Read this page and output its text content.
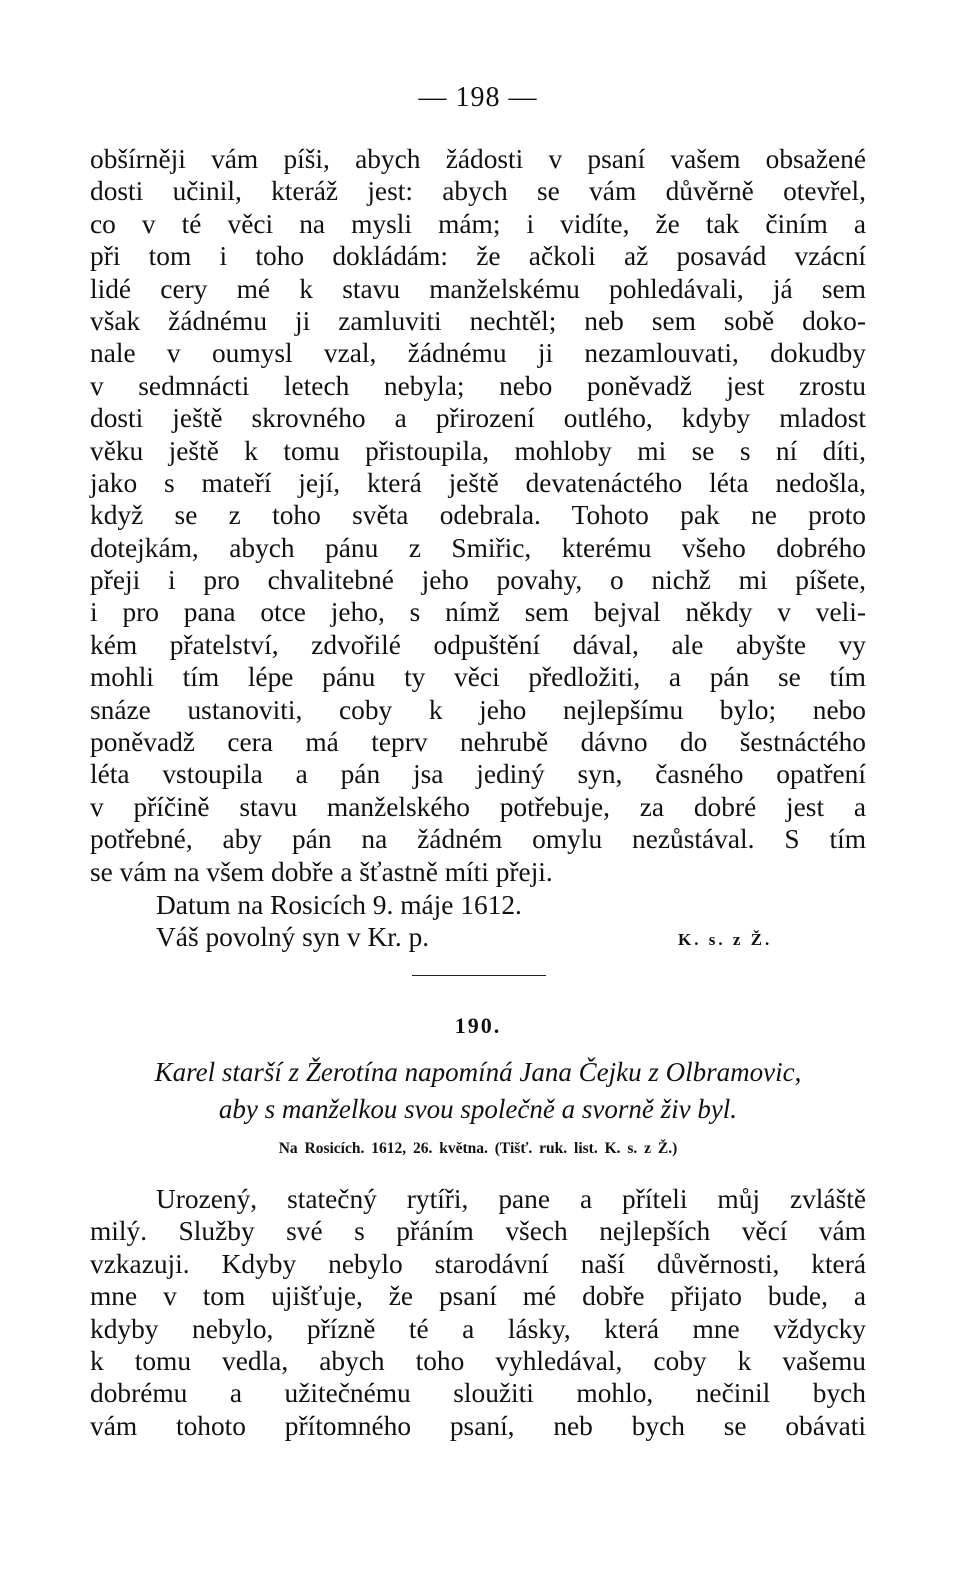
— 198 —
obšírněji vám píši, abych žádosti v psaní vašem obsažené
dosti učinil, kteráž jest: abych se vám důvěrně otevřel,
co v té věci na mysli mám; i vidíte, že tak činím a
při tom i toho dokládám: že ačkoli až posavád vzácní
lidé cery mé k stavu manželskému pohledávali, já sem
však žádnému ji zamluviti nechtěl; neb sem sobě doko-
nale v oumysl vzal, žádnému ji nezamlouvati, dokudby
v sedmnácti letech nebyla; nebo poněvadž jest zrostu
dosti ještě skrovného a přirození outlého, kdyby mladost
věku ještě k tomu přistoupila, mohloby mi se s ní díti,
jako s mateří její, která ještě devatenáctého léta nedošla,
když se z toho světa odebrala. Tohoto pak ne proto
dotejkám, abych pánu z Smiřic, kterému všeho dobrého
přeji i pro chvalitebné jeho povahy, o nichž mi píšete,
i pro pana otce jeho, s nímž sem bejval někdy v veli-
kém přatelství, zdvořilé odpuštění dával, ale abyšte vy
mohli tím lépe pánu ty věci předložiti, a pán se tím
snáze ustanoviti, coby k jeho nejlepšímu bylo; nebo
poněvadž cera má teprv nehrubě dávno do šestnáctého
léta vstoupila a pán jsa jediný syn, časného opatření
v příčině stavu manželského potřebuje, za dobré jest a
potřebné, aby pán na žádném omylu nezůstával. S tím
se vám na všem dobře a šťastně míti přeji.
Datum na Rosicích 9. máje 1612.
Váš povolný syn v Kr. p.	K. s. z Ž.
190.
Karel starší z Žerotína napomíná Jana Čejku z Olbramovic,
aby s manželkou svou společně a svorně živ byl.
Na Rosicích. 1612, 26. května. (Tišť. ruk. list. K. s. z Ž.)
Urozený, statečný rytíři, pane a příteli můj zvláště
milý. Služby své s přáním všech nejlepších věcí vám
vzkazuji. Kdyby nebylo starodávní naší důvěrnosti, která
mne v tom ujišťuje, že psaní mé dobře přijato bude, a
kdyby nebylo, přízně té a lásky, která mne vždycky
k tomu vedla, abych toho vyhledával, coby k vašemu
dobrému a užitečnému sloužiti mohlo, nečinil bych
vám tohoto přítomného psaní, neb bych se obávati
